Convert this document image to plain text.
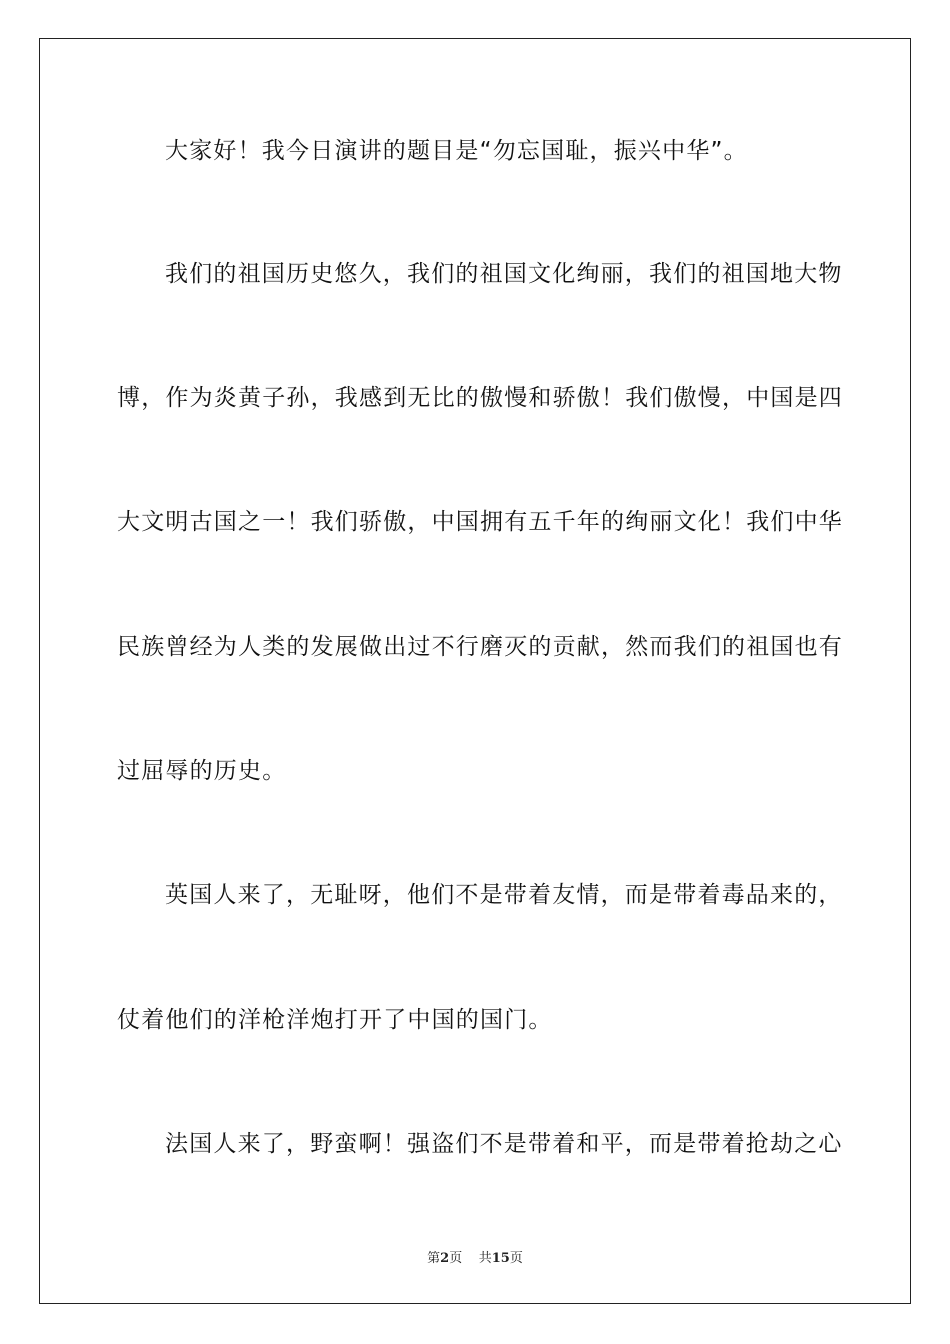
大家好！我今日演讲的题目是“勿忘国耻，振兴中华”。
我们的祖国历史悠久，我们的祖国文化绚丽，我们的祖国地大物
博，作为炎黄子孙，我感到无比的傲慢和骄傲！我们傲慢，中国是四
大文明古国之一！我们骄傲，中国拥有五千年的绚丽文化！我们中华
民族曾经为人类的发展做出过不行磨灭的贡献，然而我们的祖国也有
过屈辱的历史。
英国人来了，无耻呀，他们不是带着友情，而是带着毒品来的，
仗着他们的洋枪洋炮打开了中国的国门。
法国人来了，野蛮啊！强盗们不是带着和平，而是带着抢劫之心
第2页 共15页
